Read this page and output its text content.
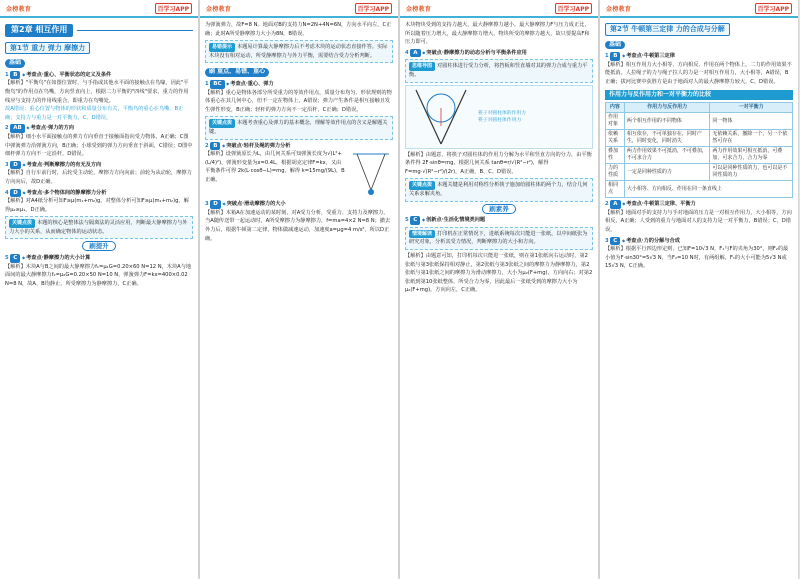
金榜教育	百学习APP
第2章 相互作用
第1节 重力 弹力 摩擦力
基础
1 B ◆ 考查点·重心、平衡状态的定义及条件
【解析】"平衡鸟"在如图位置时，与手指或其他水平面的接触点在鸟喙，因此"平衡鸟"的作用点在鸟嘴，方向竖直向上，根据二力平衡的"四线"要求，重力的作用线应与支持力的作用线重合，即重力在鸟嘴处。
故A错误；重心位置与物体的形状和质量分布有关，平衡鸟的重心在鸟嘴，B正确；支持力与重力是一对平衡力，C、D错误。
2 AB ◆ 考查点·弹力的方向
【解析】细小水平面接触点的弹力方向垂直于接触面指向受力物体，A正确；C图中弹簧弹力沿弹簧方向，B正确；小球受到的弹力方向垂直于斜面，C错误；D图中细杆弹力方向不一定沿杆，D错误。
3 D ◆ 考查点·判断摩擦力的有无及方向
【解析】自行车前行时，后轮受主动轮，摩擦力方向向前；前轮为从动轮，摩擦力方向向后，故D正确。
4 D ◆ 考查点·多个物体间的静摩擦力分析
【解析】对A4纸分析可知F≥μ(m₁+m₂)g，对整体分析可知F≥μ(m₁+m₂)g，解得μ₂≥μ₁，D正确。
关键点拨 本题的核心是整体法与隔离法的灵活应用，判断最大静摩擦力与外力大小的关系，从而确定物体的运动状态。
刷提升
5 C ◆ 考查点·静摩擦力的大小计算
【解析】木块A与B之间的最大静摩擦力f₁=μ₁G=0.20×60 N=12 N，木块A与地面间的最大静摩擦力f₂=μ₂G=0.20×50 N=10 N，弹簧弹力F=kx=400×0.02 N=8 N，故A、B均静止，所受摩擦力为静摩擦力，C正确。
金榜教育	百学习APP
为弹簧弹力，故F=8 N。地面对B的支持力N=2N+4N=6N，方向水平向左，C正确；此时A所受静摩擦力大小为8N，B错误。
易错提示 本题易计算最大静摩擦力后不考虑木块的运动状态直接作答。实际木块没有相对运动，所受静摩擦力与外力平衡，需要结合受力分析判断。
刷 重点、易错、重心
1 BC ◆ 考查点·重心、弹力
【解析】重心是物体各部分所受重力的等效作用点，质量分布均匀、形状规则的物体重心在其几何中心，但不一定在物体上，A错误；弹力产生条件是相互接触且发生弹性形变，B正确；轻杆的弹力方向不一定沿杆，C正确；D错误。
关键点拨 本题考查重心及弹力的基本概念，理解等效作用点的含义是解题关键。
2 B ◆ 突破点·轻杆及绳的弹力分析
【解析】设弹簧原长为L，由几何关系可知弹簧长度为√(L²+(L/4)²)，弹簧形变量为x=0.4L，根据胡克定律F=kx，又由平衡条件可得 2k(L·cosθ−L)=mg，解得 k=15mg/(9L)，B正确。
3 D ◆ 突破点·滑动摩擦力的大小
【解析】木箱A在加速运动的某时刻，对A受力分析，受重力、支持力及摩擦力，当A随传送带一起运动时，A所受摩擦力为静摩擦力，f=ma=4×2 N=8 N；撤去外力后，根据牛顿第二定律，物体做减速运动，加速度a=μg=4 m/s²，所以D正确。
金榜教育	百学习APP
木块物块受到的支持力越大，最大静摩擦力越小，最大静摩擦力F与压力成正比，所以随着压力增大，最大静摩擦力增大，物块所受的摩擦力越大，故只要提高F和压力即可。
4 A ◆ 突破点·静摩擦力的动态分析与平衡条件应用
思维导图 对圆柱体进行受力分析，将挡板和竖直墙对其的弹力合成与重力平衡。
筷子对圆柱体的作用力
筷子对圆柱体作用力
【解析】由题意，将筷子对圆柱体的作用力分解为水平和竖直方向的分力，由平衡条件得 2F·sinθ=mg，根据几何关系 tanθ=r/√(R²−r²)，解得 F=mg·√(R²−r²)/(2r)，A正确，B、C、D错误。
关键点拨 本题关键是利用对称性分析筷子施加给圆柱体的两个力，结合几何关系求解夹角。
刷素养
5 C ◆ 创新点·生活化情境类问题
情境解读 打印机在正常情况下，进纸系统每次只能进一张纸，以中间纸张为研究对象，分析其受力情况，判断摩擦力的大小和方向。
【解析】由题意可知，打印机每次只能进一张纸，则在第1张纸向右运动时，第2张纸与第3张纸保持相对静止，第2张纸与第3张纸之间的摩擦力为静摩擦力，第2张纸与第1张纸之间的摩擦力为滑动摩擦力，大小为μ₂(F+mg)，方向向右；对第2张纸到第10张纸整体，所受合力为零，因此最后一张纸受到的摩擦力大小为μ₂(F+mg)，方向向左，C正确。
金榜教育	百学习APP
第2节 牛顿第三定律 力的合成与分解
基础
1 B ◆ 考查点·牛顿第三定律
【解析】相互作用力大小相等、方向相反、作用在两个物体上，二力的作用效果不能抵消。人拉绳子的力与绳子拉人的力是一对相互作用力，大小相等，A错误，B正确；拔河比赛中获胜方是由于地面对人的最大静摩擦力较大，C、D错误。
作用力与反作用力和一对平衡力的比较
内容	作用力与反作用力	一对平衡力
作用对象	两个相互作用的不同物体	同一物体
依赖关系	相互依存，不可单独存在，同时产生，同时变化，同时消失	无依赖关系，撤除一个，另一个依然可存在
叠加性	两力作用效果不可抵消，不可叠加，不可求合力	两力作用效果可相互抵消，可叠加，可求合力，合力为零
力的性质	一定是同种性质的力	可以是同种性质的力，也可以是不同性质的力
相同点	大小相等、方向相反、作用在同一条直线上	
2 A ◆ 考查点·牛顿第三定律、平衡力
【解析】地面对手的支持力与手对地面的压力是一对相互作用力，大小相等，方向相反，A正确；人受到的重力与地面对人的支持力是一对平衡力，B错误；C、D错误。
3 C ◆ 考查点·力的分解与合成
【解析】根据平行四边形定则，已知F=10√3 N，F₁与F的夹角为30°，则F₂的最小值为F·sin30°=5√3 N，当F₂=10 N时，有两组解，F₁的大小可能为5√3 N或15√3 N，C正确。
